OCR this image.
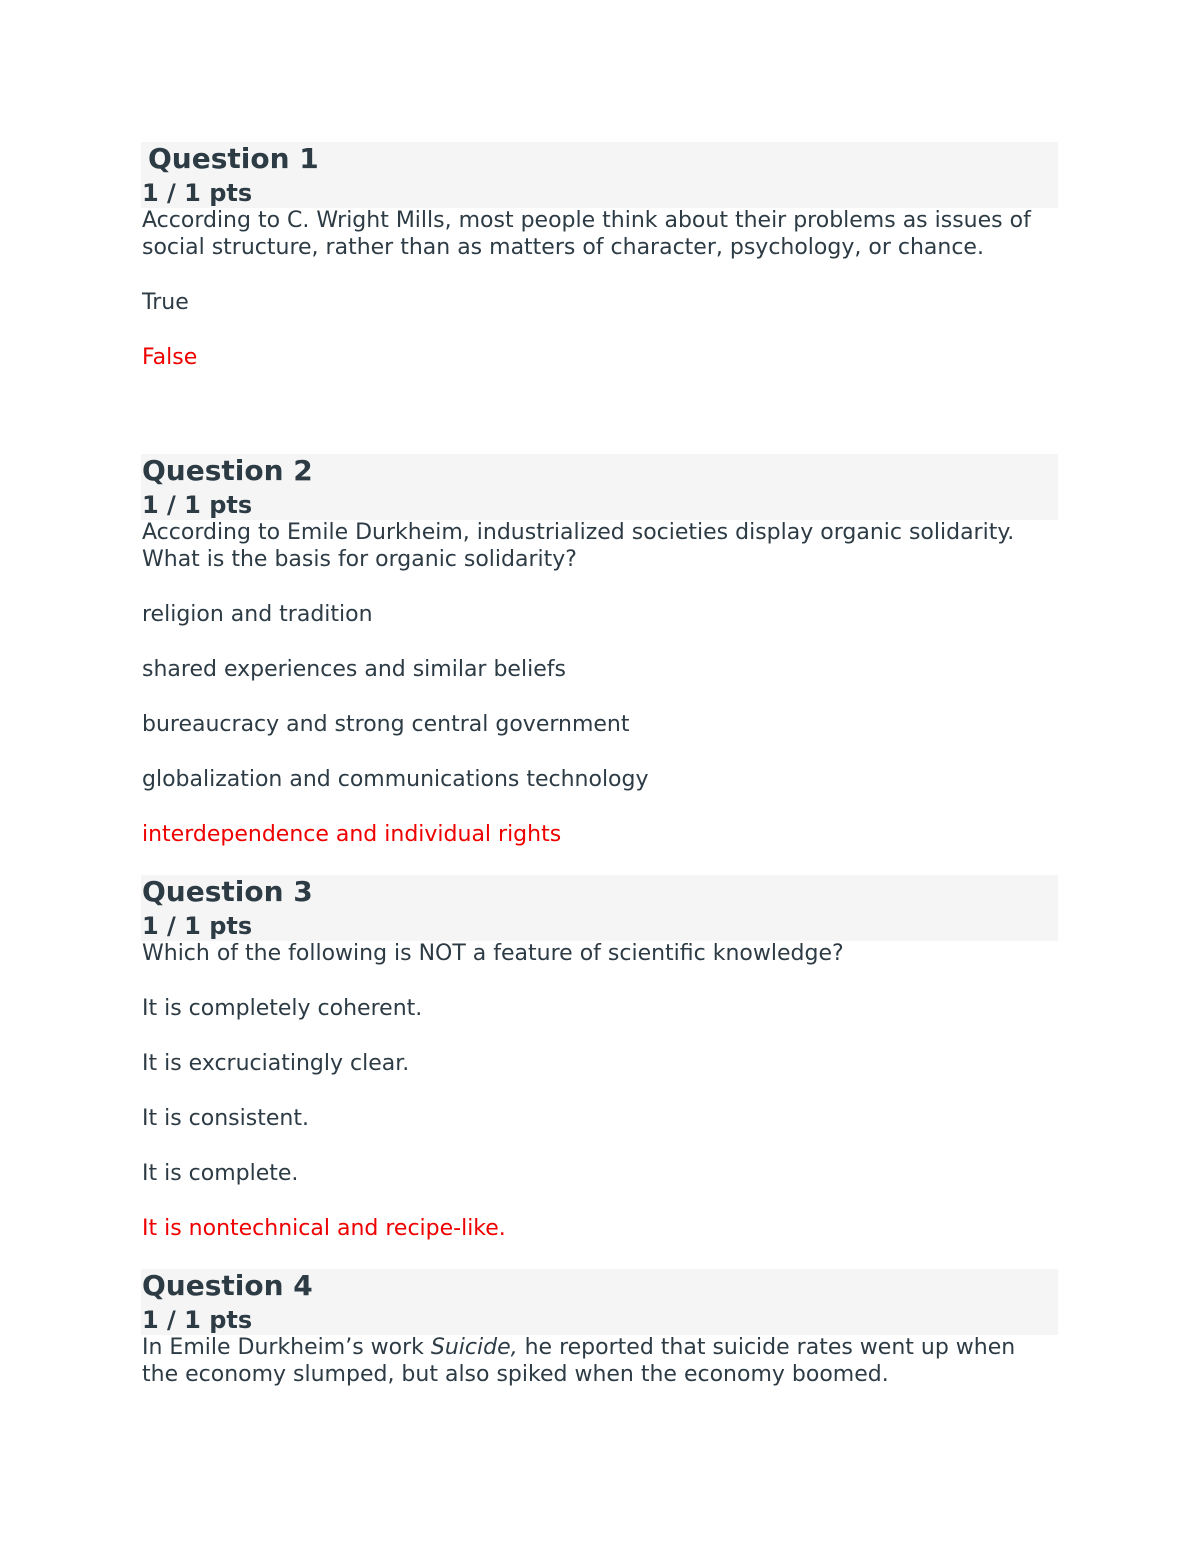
Question 1
1 / 1 pts

According to C. Wright Mills, most people think about their problems as issues of social structure, rather than as matters of character, psychology, or chance.

True

False

Question 2
1 / 1 pts

According to Emile Durkheim, industrialized societies display organic solidarity. What is the basis for organic solidarity?

religion and tradition

shared experiences and similar beliefs

bureaucracy and strong central government

globalization and communications technology

interdependence and individual rights

Question 3
1 / 1 pts

Which of the following is NOT a feature of scientific knowledge?

It is completely coherent.

It is excruciatingly clear.

It is consistent.

It is complete.

It is nontechnical and recipe-like.

Question 4
1 / 1 pts

In Emile Durkheim’s work Suicide, he reported that suicide rates went up when the economy slumped, but also spiked when the economy boomed.
